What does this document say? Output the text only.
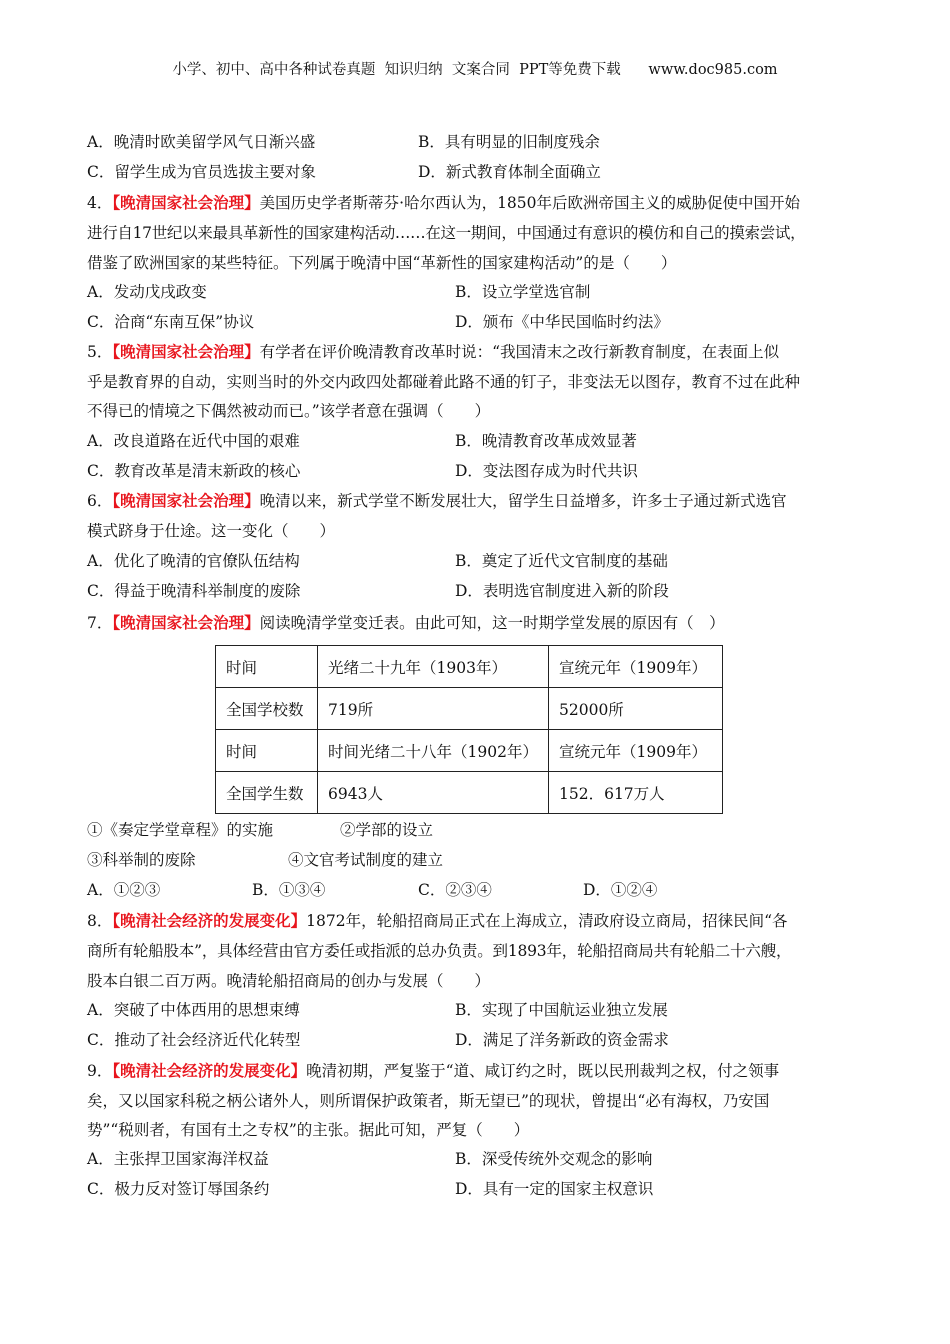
小学、初中、高中各种试卷真题  知识归纳  文案合同  PPT等免费下载      www.doc985.com
A．晚清时欧美留学风气日渐兴盛	B．具有明显的旧制度残余
C．留学生成为官员选拔主要对象	D．新式教育体制全面确立
4．【晚清国家社会治理】美国历史学者斯蒂芬·哈尔西认为，1850年后欧洲帝国主义的威胁促使中国开始
进行自17世纪以来最具革新性的国家建构活动……在这一期间，中国通过有意识的模仿和自己的摸索尝试，
借鉴了欧洲国家的某些特征。下列属于晚清中国“革新性的国家建构活动”的是（　　）
A．发动戊戌政变	B．设立学堂选官制
C．洽商“东南互保”协议	D．颁布《中华民国临时约法》
5．【晚清国家社会治理】有学者在评价晚清教育改革时说：“我国清末之改行新教育制度，在表面上似
乎是教育界的自动，实则当时的外交内政四处都碰着此路不通的钉子，非变法无以图存，教育不过在此种
不得已的情境之下偶然被动而已。”该学者意在强调（　　）
A．改良道路在近代中国的艰难	B．晚清教育改革成效显著
C．教育改革是清末新政的核心	D．变法图存成为时代共识
6．【晚清国家社会治理】晚清以来，新式学堂不断发展壮大，留学生日益增多，许多士子通过新式选官
模式跻身于仕途。这一变化（　　）
A．优化了晚清的官僚队伍结构	B．奠定了近代文官制度的基础
C．得益于晚清科举制度的废除	D．表明选官制度进入新的阶段
7．【晚清国家社会治理】阅读晚清学堂变迁表。由此可知，这一时期学堂发展的原因有（　）
时间	光绪二十九年（1903年）	宣统元年（1909年）
全国学校数	719所	52000所
时间	时间光绪二十八年（1902年）	宣统元年（1909年）
全国学生数	6943人	152．617万人
①《奏定学堂章程》的实施	②学部的设立
③科举制的废除	④文官考试制度的建立
A．①②③	B．①③④	C．②③④	D．①②④
8．【晚清社会经济的发展变化】1872年，轮船招商局正式在上海成立，清政府设立商局，招徕民间“各
商所有轮船股本”，具体经营由官方委任或指派的总办负责。到1893年，轮船招商局共有轮船二十六艘，
股本白银二百万两。晚清轮船招商局的创办与发展（　　）
A．突破了中体西用的思想束缚	B．实现了中国航运业独立发展
C．推动了社会经济近代化转型	D．满足了洋务新政的资金需求
9．【晚清社会经济的发展变化】晚清初期，严复鉴于“道、咸订约之时，既以民刑裁判之权，付之领事
矣，又以国家科税之柄公诸外人，则所谓保护政策者，斯无望已”的现状，曾提出“必有海权，乃安国
势”“税则者，有国有土之专权”的主张。据此可知，严复（　　）
A．主张捍卫国家海洋权益	B．深受传统外交观念的影响
C．极力反对签订辱国条约	D．具有一定的国家主权意识
